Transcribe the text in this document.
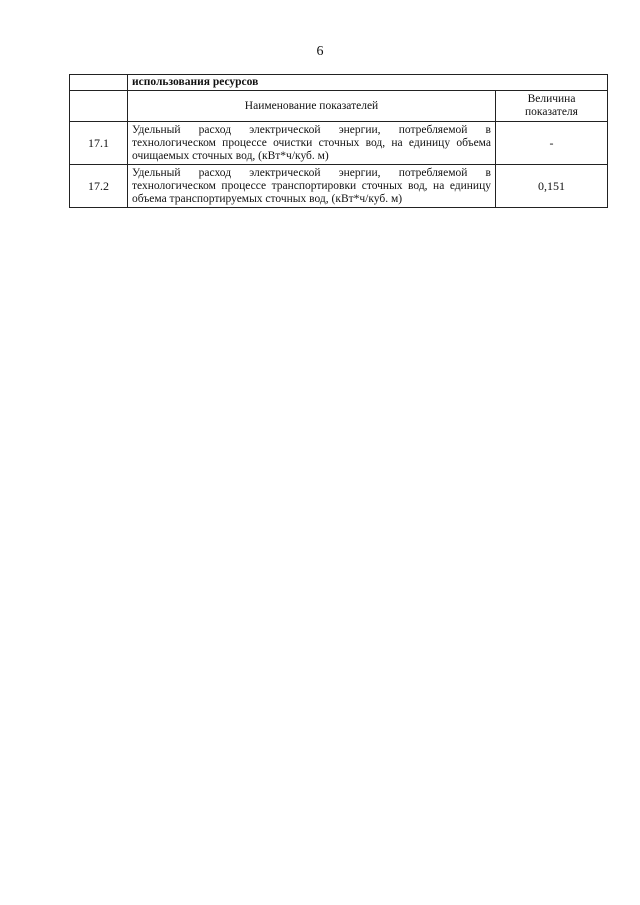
6
	использования ресурсов	
	Наименование показателей	Величина показателя
17.1	Удельный расход электрической энергии, потребляемой в технологическом процессе очистки сточных вод, на единицу объема очищаемых сточных вод, (кВт*ч/куб. м)	-
17.2	Удельный расход электрической энергии, потребляемой в технологическом процессе транспортировки сточных вод, на единицу объема транспортируемых сточных вод, (кВт*ч/куб. м)	0,151
